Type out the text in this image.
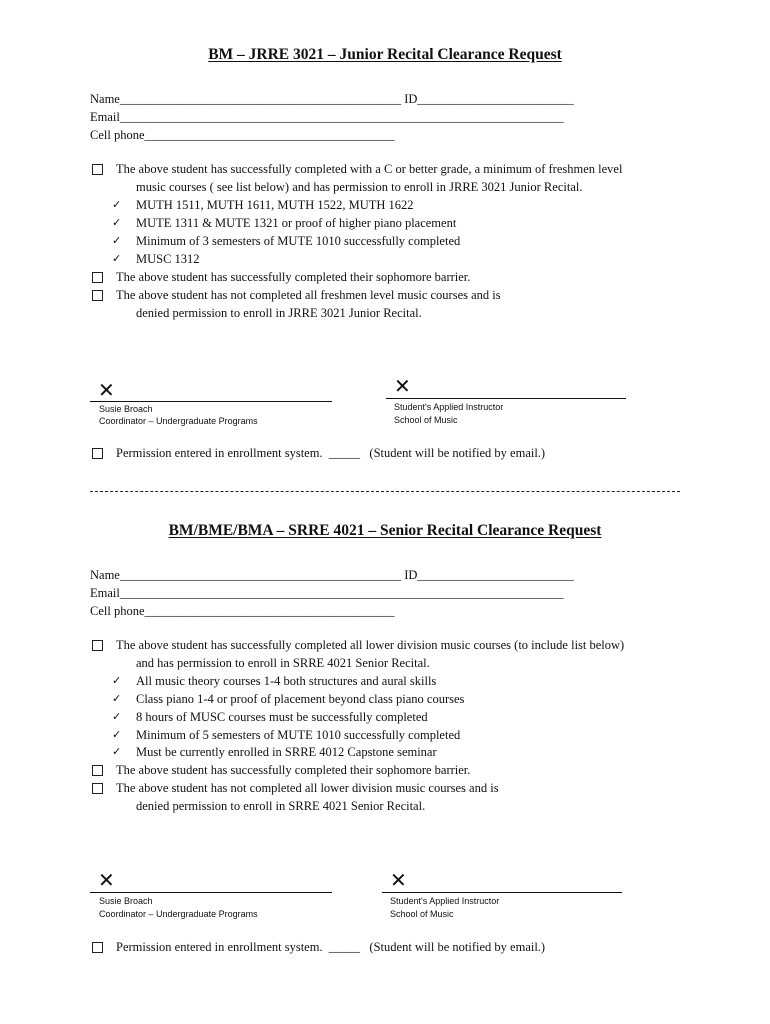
BM – JRRE 3021 – Junior Recital Clearance Request
Name_____________________________________________ ID_________________________
Email_______________________________________________________________________
Cell phone________________________________________
The above student has successfully completed with a C or better grade, a minimum of freshmen level
music courses ( see list below) and has permission to enroll in JRRE 3021 Junior Recital.
✓ MUTH 1511, MUTH 1611, MUTH 1522, MUTH 1622
✓ MUTE 1311 & MUTE 1321 or proof of higher piano placement
✓ Minimum of 3 semesters of MUTE 1010 successfully completed
✓ MUSC 1312
The above student has successfully completed their sophomore barrier.
The above student has not completed all freshmen level music courses and is
denied permission to enroll in JRRE 3021 Junior Recital.
✕
Susie Broach
Coordinator – Undergraduate Programs
✕
Student's Applied Instructor
School of Music
Permission entered in enrollment system.  _____   (Student will be notified by email.)
BM/BME/BMA – SRRE 4021 – Senior Recital Clearance Request
Name_____________________________________________ ID_________________________
Email_______________________________________________________________________
Cell phone________________________________________
The above student has successfully completed all lower division music courses (to include list below)
and has permission to enroll in SRRE 4021 Senior Recital.
✓ All music theory courses 1-4 both structures and aural skills
✓ Class piano 1-4 or proof of placement beyond class piano courses
✓ 8 hours of MUSC courses must be successfully completed
✓ Minimum of 5 semesters of MUTE 1010 successfully completed
✓ Must be currently enrolled in SRRE 4012 Capstone seminar
The above student has successfully completed their sophomore barrier.
The above student has not completed all lower division music courses and is
denied permission to enroll in SRRE 4021 Senior Recital.
✕
Susie Broach
Coordinator – Undergraduate Programs
✕
Student's Applied Instructor
School of Music
Permission entered in enrollment system.  _____   (Student will be notified by email.)
